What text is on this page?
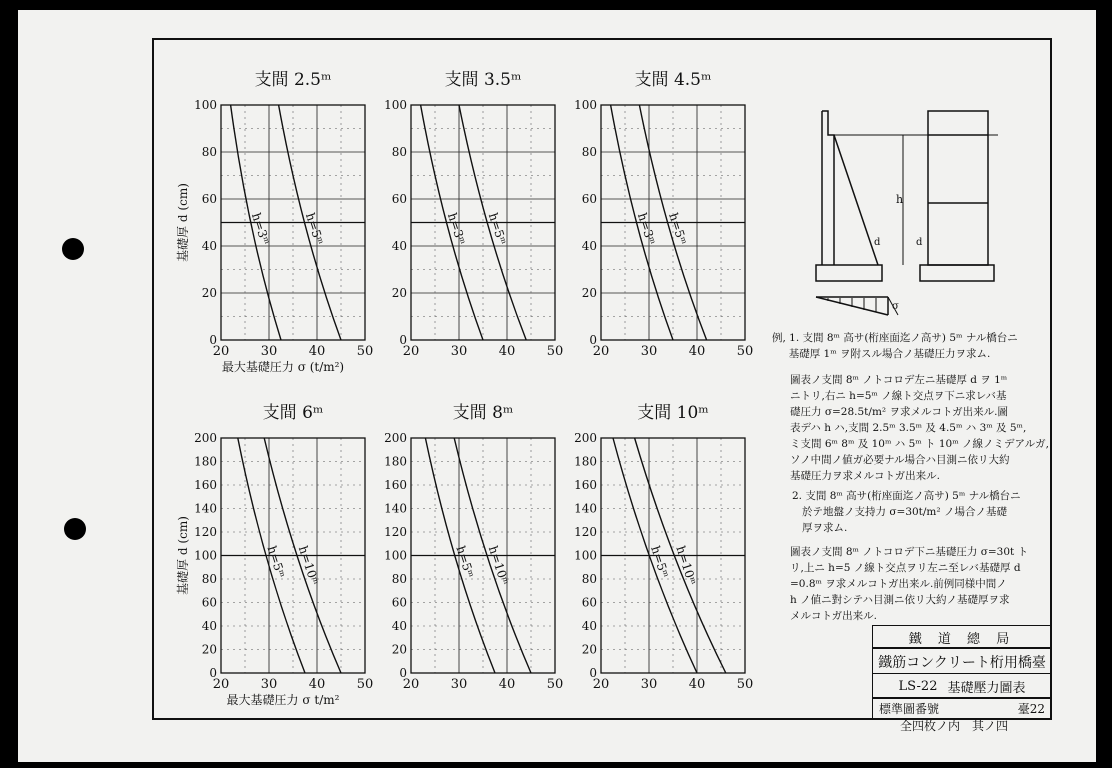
20 30 40 50
0
20
40
60
80
100
h=3ᵐ	h=5ᵐ
支間 2.5ᵐ
最大基礎圧力 σ (t/m²)
基礎厚 d (cm)
20 30 40 50
0
20
40
60
80
100
h=3ᵐ h=5ᵐ
支間 3.5ᵐ
20 30 40 50
0
20
40
60
80
100
h=3ᵐ h=5ᵐ
支間 4.5ᵐ
20 30 40 50
0
20
40
60
80
100
120
140
160
180
200
h=5ᵐ h=10ᵐ
支間 6ᵐ
最大基礎圧力 σ t/m²
基礎厚 d (cm)
20 30 40 50
0
20
40
60
80
100
120
140
160
180
200
h=5ᵐ h=10ᵐ
支間 8ᵐ
20 30 40 50
0
20
40
60
80
100
120
140
160
180
200
h=5ᵐ h=10ᵐ
支間 10ᵐ
h
d	d
σ
例, 1. 支間 8ᵐ 高サ(桁座面迄ノ高サ) 5ᵐ ナル橋台ニ
基礎厚 1ᵐ ヲ附スル場合ノ基礎圧力ヲ求ム.
圖表ノ支間 8ᵐ ノトコロデ左ニ基礎厚 d ヲ 1ᵐ
ニトリ,右ニ h=5ᵐ ノ線ト交点ヲ下ニ求レバ基
礎圧力 σ=28.5t/m² ヲ求メルコトガ出来ル.圖
表デハ h ハ,支間 2.5ᵐ 3.5ᵐ 及 4.5ᵐ ハ 3ᵐ 及 5ᵐ,
ミ支間 6ᵐ 8ᵐ 及 10ᵐ ハ 5ᵐ ト 10ᵐ ノ線ノミデアルガ,
ソノ中間ノ値ガ必要ナル場合ハ目測ニ依リ大約
基礎圧力ヲ求メルコトガ出来ル.
2. 支間 8ᵐ 高サ(桁座面迄ノ高サ) 5ᵐ ナル橋台ニ
於テ地盤ノ支持力 σ=30t/m² ノ場合ノ基礎
厚ヲ求ム.
圖表ノ支間 8ᵐ ノトコロデ下ニ基礎圧力 σ=30t ト
リ,上ニ h=5 ノ線ト交点ヲリ左ニ至レバ基礎厚 d
=0.8ᵐ ヲ求メルコトガ出来ル.前例同様中間ノ
h ノ値ニ對シテハ目測ニ依リ大約ノ基礎厚ヲ求
メルコトガ出来ル.
鐵 道 總 局
鐵筋コンクリート桁用橋臺
LS-22 基礎壓力圖表
標準圖番號	臺22
全四枚ノ内　其ノ四
